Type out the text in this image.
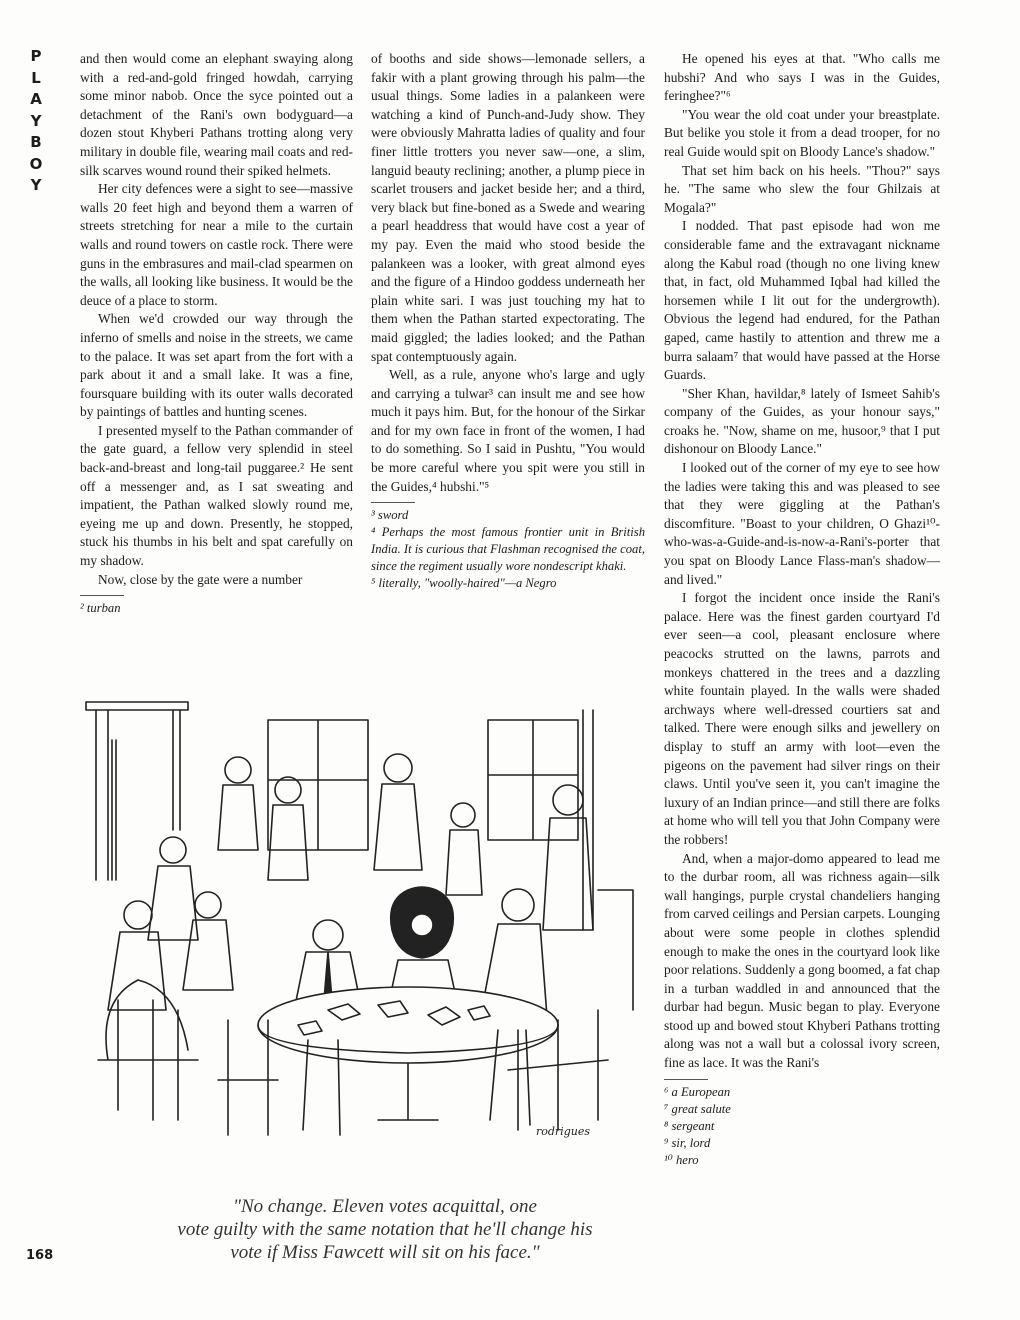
P
L
A
Y
B
O
Y

and then would come an elephant swaying along with a red-and-gold fringed howdah, carrying some minor nabob. Once the syce pointed out a detachment of the Rani's own bodyguard—a dozen stout Khyberi Pathans trotting along very military in double file, wearing mail coats and red-silk scarves wound round their spiked helmets.

Her city defences were a sight to see—massive walls 20 feet high and beyond them a warren of streets stretching for near a mile to the curtain walls and round towers on castle rock. There were guns in the embrasures and mail-clad spearmen on the walls, all looking like business. It would be the deuce of a place to storm.

When we'd crowded our way through the inferno of smells and noise in the streets, we came to the palace. It was set apart from the fort with a park about it and a small lake. It was a fine, foursquare building with its outer walls decorated by paintings of battles and hunting scenes.

I presented myself to the Pathan commander of the gate guard, a fellow very splendid in steel back-and-breast and long-tail puggaree.² He sent off a messenger and, as I sat sweating and impatient, the Pathan walked slowly round me, eyeing me up and down. Presently, he stopped, stuck his thumbs in his belt and spat carefully on my shadow.

Now, close by the gate were a number

² turban

of booths and side shows—lemonade sellers, a fakir with a plant growing through his palm—the usual things. Some ladies in a palankeen were watching a kind of Punch-and-Judy show. They were obviously Mahratta ladies of quality and four finer little trotters you never saw—one, a slim, languid beauty reclining; another, a plump piece in scarlet trousers and jacket beside her; and a third, very black but fine-boned as a Swede and wearing a pearl headdress that would have cost a year of my pay. Even the maid who stood beside the palankeen was a looker, with great almond eyes and the figure of a Hindoo goddess underneath her plain white sari. I was just touching my hat to them when the Pathan started expectorating. The maid giggled; the ladies looked; and the Pathan spat contemptuously again.

Well, as a rule, anyone who's large and ugly and carrying a tulwar³ can insult me and see how much it pays him. But, for the honour of the Sirkar and for my own face in front of the women, I had to do something. So I said in Pushtu, "You would be more careful where you spit were you still in the Guides,⁴ hubshi."⁵

³ sword

⁴ Perhaps the most famous frontier unit in British India. It is curious that Flashman recognised the coat, since the regiment usually wore nondescript khaki.

⁵ literally, "woolly-haired"—a Negro

He opened his eyes at that. "Who calls me hubshi? And who says I was in the Guides, feringhee?"⁶

"You wear the old coat under your breastplate. But belike you stole it from a dead trooper, for no real Guide would spit on Bloody Lance's shadow."

That set him back on his heels. "Thou?" says he. "The same who slew the four Ghilzais at Mogala?"

I nodded. That past episode had won me considerable fame and the extravagant nickname along the Kabul road (though no one living knew that, in fact, old Muhammed Iqbal had killed the horsemen while I lit out for the undergrowth). Obvious the legend had endured, for the Pathan gaped, came hastily to attention and threw me a burra salaam⁷ that would have passed at the Horse Guards.

"Sher Khan, havildar,⁸ lately of Ismeet Sahib's company of the Guides, as your honour says," croaks he. "Now, shame on me, husoor,⁹ that I put dishonour on Bloody Lance."

I looked out of the corner of my eye to see how the ladies were taking this and was pleased to see that they were giggling at the Pathan's discomfiture. "Boast to your children, O Ghazi¹⁰-who-was-a-Guide-and-is-now-a-Rani's-porter that you spat on Bloody Lance Flass-man's shadow—and lived."

I forgot the incident once inside the Rani's palace. Here was the finest garden courtyard I'd ever seen—a cool, pleasant enclosure where peacocks strutted on the lawns, parrots and monkeys chattered in the trees and a dazzling white fountain played. In the walls were shaded archways where well-dressed courtiers sat and talked. There were enough silks and jewellery on display to stuff an army with loot—even the pigeons on the pavement had silver rings on their claws. Until you've seen it, you can't imagine the luxury of an Indian prince—and still there are folks at home who will tell you that John Company were the robbers!

And, when a major-domo appeared to lead me to the durbar room, all was richness again—silk wall hangings, purple crystal chandeliers hanging from carved ceilings and Persian carpets. Lounging about were some people in clothes splendid enough to make the ones in the courtyard look like poor relations. Suddenly a gong boomed, a fat chap in a turban waddled in and announced that the durbar had begun. Music began to play. Everyone stood up and bowed stout Khyberi Pathans trotting along was not a wall but a colossal ivory screen, fine as lace. It was the Rani's

⁶ a European

⁷ great salute

⁸ sergeant

⁹ sir, lord

¹⁰ hero

rodrigues
"No change. Eleven votes acquittal, one
vote guilty with the same notation that he'll change his
vote if Miss Fawcett will sit on his face."
168
